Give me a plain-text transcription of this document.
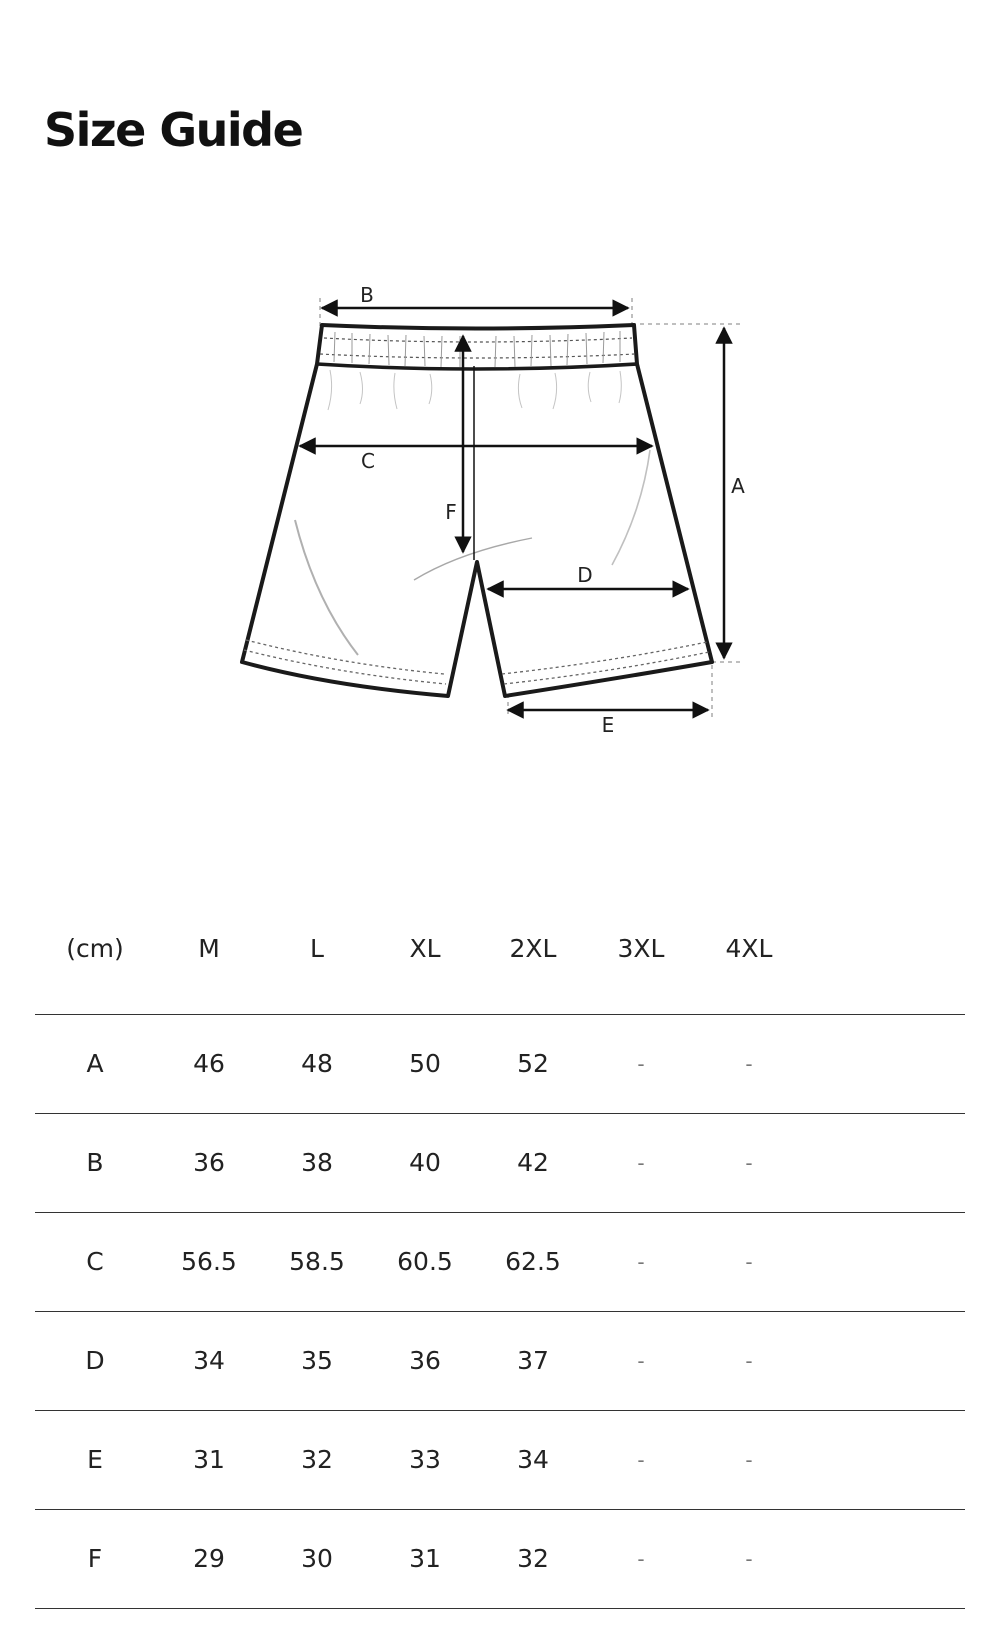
Size Guide
B
C
A
F
D
E
(cm)	M	L	XL	2XL	3XL	4XL	
A	46	48	50	52	-	-	
B	36	38	40	42	-	-	
C	56.5	58.5	60.5	62.5	-	-	
D	34	35	36	37	-	-	
E	31	32	33	34	-	-	
F	29	30	31	32	-	-	
